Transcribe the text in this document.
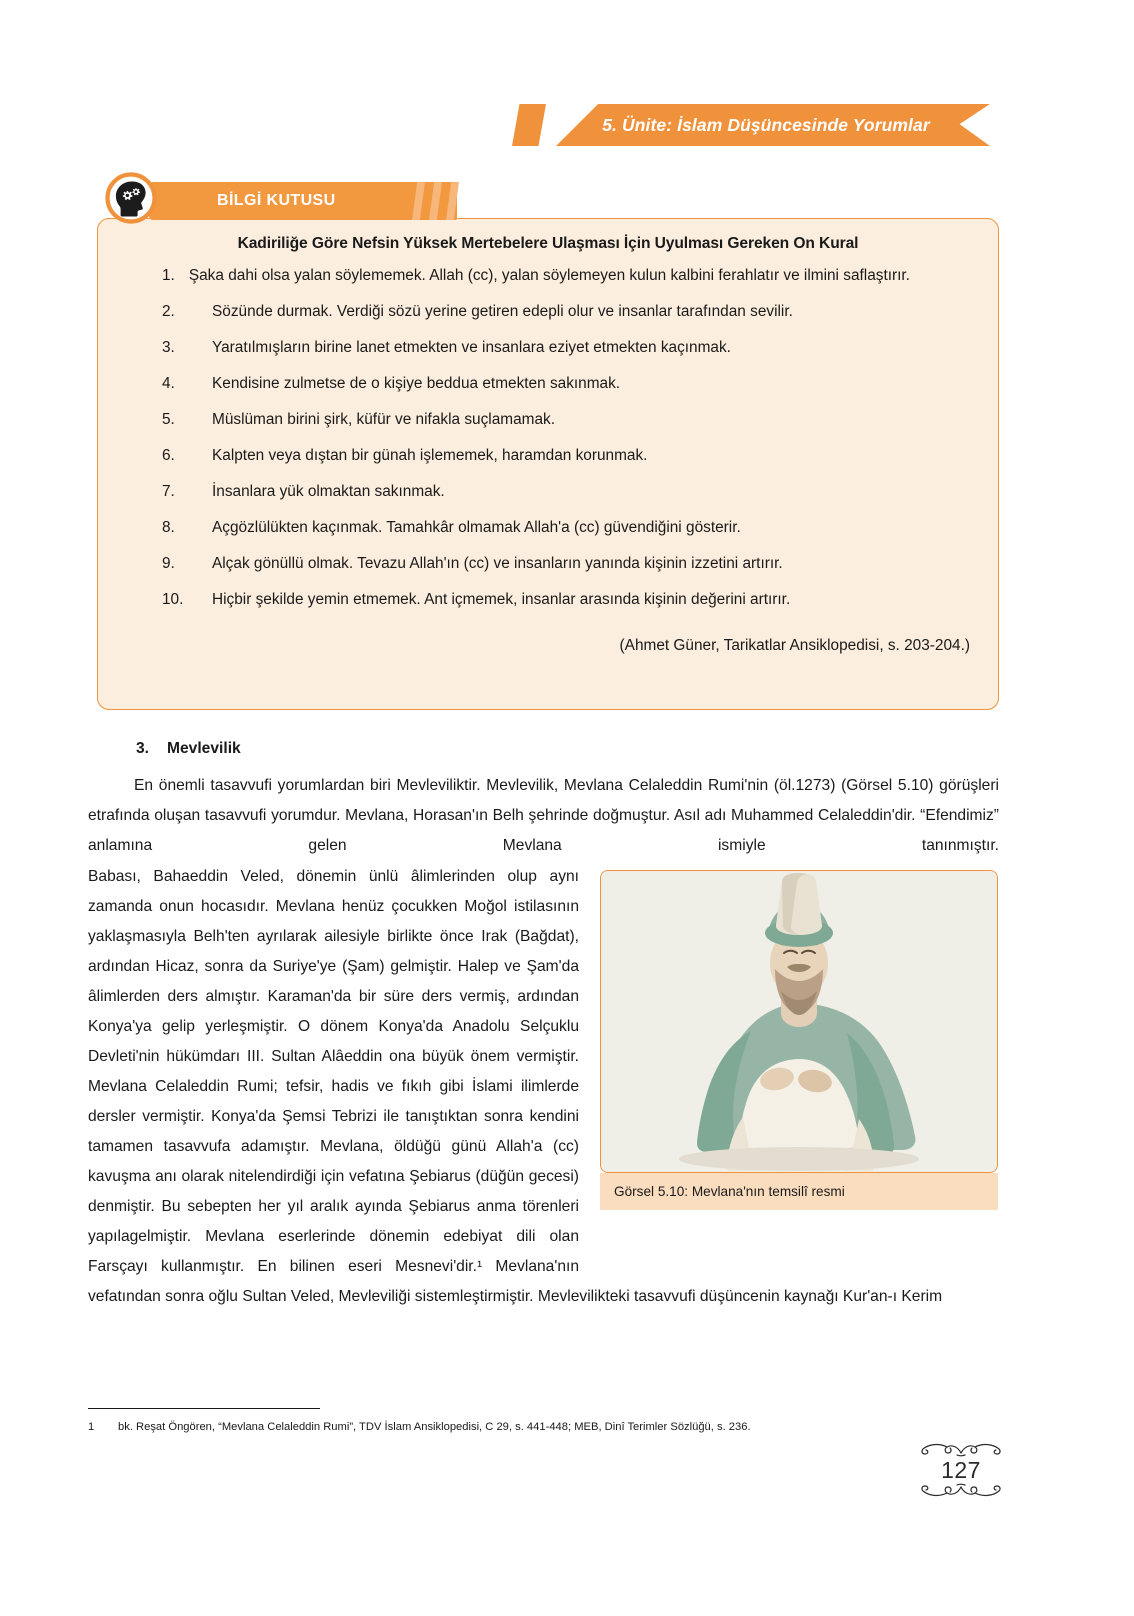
5. Ünite: İslam Düşüncesinde Yorumlar
BİLGİ KUTUSU
Kadiriliğe Göre Nefsin Yüksek Mertebelere Ulaşması İçin Uyulması Gereken On Kural
1. Şaka dahi olsa yalan söylememek. Allah (cc), yalan söylemeyen kulun kalbini ferahlatır ve ilmini saflaştırır.
2. Sözünde durmak. Verdiği sözü yerine getiren edepli olur ve insanlar tarafından sevilir.
3. Yaratılmışların birine lanet etmekten ve insanlara eziyet etmekten kaçınmak.
4. Kendisine zulmetse de o kişiye beddua etmekten sakınmak.
5. Müslüman birini şirk, küfür ve nifakla suçlamamak.
6. Kalpten veya dıştan bir günah işlememek, haramdan korunmak.
7. İnsanlara yük olmaktan sakınmak.
8. Açgözlülükten kaçınmak. Tamahkâr olmamak Allah'a (cc) güvendiğini gösterir.
9. Alçak gönüllü olmak. Tevazu Allah'ın (cc) ve insanların yanında kişinin izzetini artırır.
10. Hiçbir şekilde yemin etmemek. Ant içmemek, insanlar arasında kişinin değerini artırır.
(Ahmet Güner, Tarikatlar Ansiklopedisi, s. 203-204.)
3. Mevlevilik
En önemli tasavvufi yorumlardan biri Mevleviliktir. Mevlevilik, Mevlana Celaleddin Rumi'nin (öl.1273) (Görsel 5.10) görüşleri etrafında oluşan tasavvufi yorumdur. Mevlana, Horasan'ın Belh şehrinde doğmuştur. Asıl adı Muhammed Celaleddin'dir. “Efendimiz” anlamına gelen Mevlana ismiyle tanınmıştır.
Babası, Bahaeddin Veled, dönemin ünlü âlimlerinden olup aynı zamanda onun hocasıdır. Mevlana henüz çocukken Moğol istilasının yaklaşmasıyla Belh'ten ayrılarak ailesiyle birlikte önce Irak (Bağdat), ardından Hicaz, sonra da Suriye'ye (Şam) gelmiştir. Halep ve Şam'da âlimlerden ders almıştır. Karaman'da bir süre ders vermiş, ardından Konya'ya gelip yerleşmiştir. O dönem Konya'da Anadolu Selçuklu Devleti'nin hükümdarı III. Sultan Alâeddin ona büyük önem vermiştir. Mevlana Celaleddin Rumi; tefsir, hadis ve fıkıh gibi İslami ilimlerde dersler vermiştir. Konya'da Şemsi Tebrizi ile tanıştıktan sonra kendini tamamen tasavvufa adamıştır. Mevlana, öldüğü günü Allah'a (cc) kavuşma anı olarak nitelendirdiği için vefatına Şebiarus (düğün gecesi) denmiştir. Bu sebepten her yıl aralık ayında Şebiarus anma törenleri yapılagelmiştir. Mevlana eserlerinde dönemin edebiyat dili olan Farsçayı kullanmıştır. En bilinen eseri Mesnevi'dir.¹ Mevlana'nın vefatından sonra oğlu Sultan Veled, Mevleviliği sistemleştirmiştir. Mevlevilikteki tasavvufi düşüncenin kaynağı Kur'an-ı Kerim
Görsel 5.10: Mevlana'nın temsilî resmi
1 bk. Reşat Öngören, “Mevlana Celaleddin Rumi”, TDV İslam Ansiklopedisi, C 29, s. 441-448; MEB, Dinî Terimler Sözlüğü, s. 236.
127
